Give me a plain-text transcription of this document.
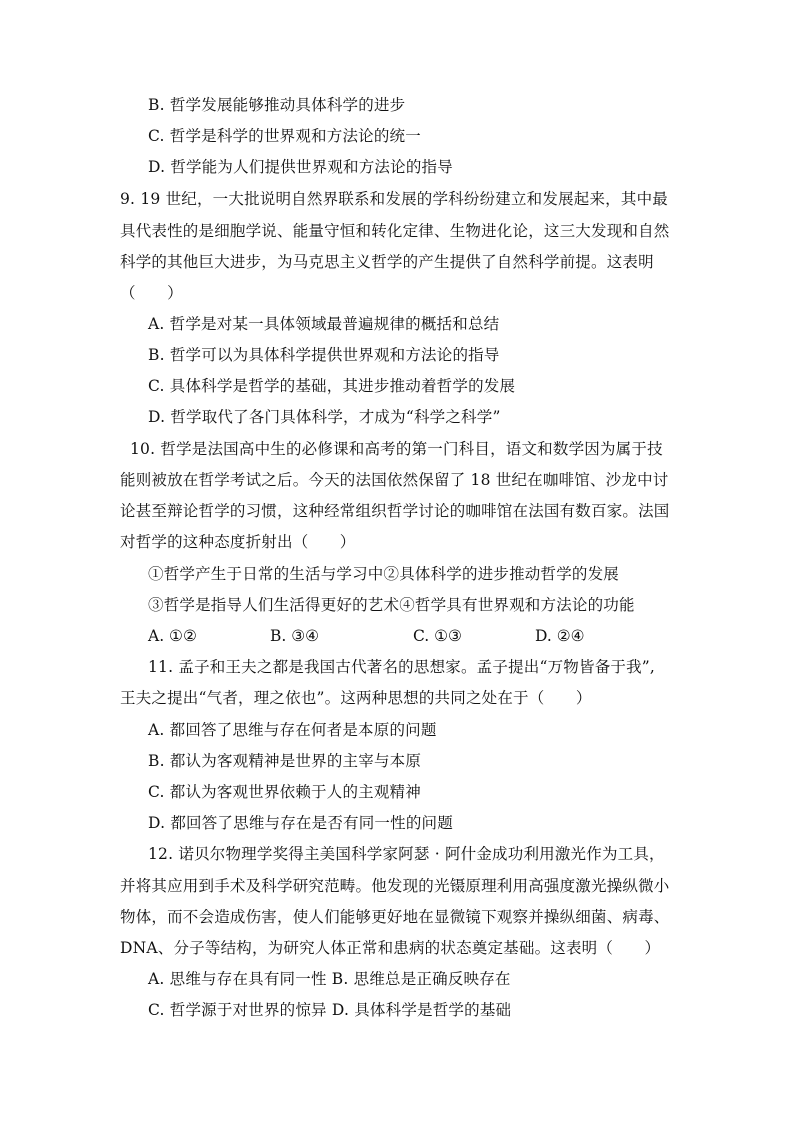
B. 哲学发展能够推动具体科学的进步
C. 哲学是科学的世界观和方法论的统一
D. 哲学能为人们提供世界观和方法论的指导
9. 19 世纪，一大批说明自然界联系和发展的学科纷纷建立和发展起来，其中最
具代表性的是细胞学说、能量守恒和转化定律、生物进化论，这三大发现和自然
科学的其他巨大进步，为马克思主义哲学的产生提供了自然科学前提。这表明
（　　）
A. 哲学是对某一具体领域最普遍规律的概括和总结
B. 哲学可以为具体科学提供世界观和方法论的指导
C. 具体科学是哲学的基础，其进步推动着哲学的发展
D. 哲学取代了各门具体科学，才成为“科学之科学”
10. 哲学是法国高中生的必修课和高考的第一门科目，语文和数学因为属于技
能则被放在哲学考试之后。今天的法国依然保留了 18 世纪在咖啡馆、沙龙中讨
论甚至辩论哲学的习惯，这种经常组织哲学讨论的咖啡馆在法国有数百家。法国
对哲学的这种态度折射出（　　）
①哲学产生于日常的生活与学习中②具体科学的进步推动哲学的发展
③哲学是指导人们生活得更好的艺术④哲学具有世界观和方法论的功能
A. ①②	B. ③④	C. ①③	D. ②④
11. 孟子和王夫之都是我国古代著名的思想家。孟子提出“万物皆备于我”,
王夫之提出“气者，理之依也”。这两种思想的共同之处在于（　　）
A. 都回答了思维与存在何者是本原的问题
B. 都认为客观精神是世界的主宰与本原
C. 都认为客观世界依赖于人的主观精神
D. 都回答了思维与存在是否有同一性的问题
12. 诺贝尔物理学奖得主美国科学家阿瑟 · 阿什金成功利用激光作为工具，
并将其应用到手术及科学研究范畴。他发现的光镊原理利用高强度激光操纵微小
物体，而不会造成伤害，使人们能够更好地在显微镜下观察并操纵细菌、病毒、
DNA、分子等结构，为研究人体正常和患病的状态奠定基础。这表明（　　）
A. 思维与存在具有同一性 B. 思维总是正确反映存在
C. 哲学源于对世界的惊异 D. 具体科学是哲学的基础
